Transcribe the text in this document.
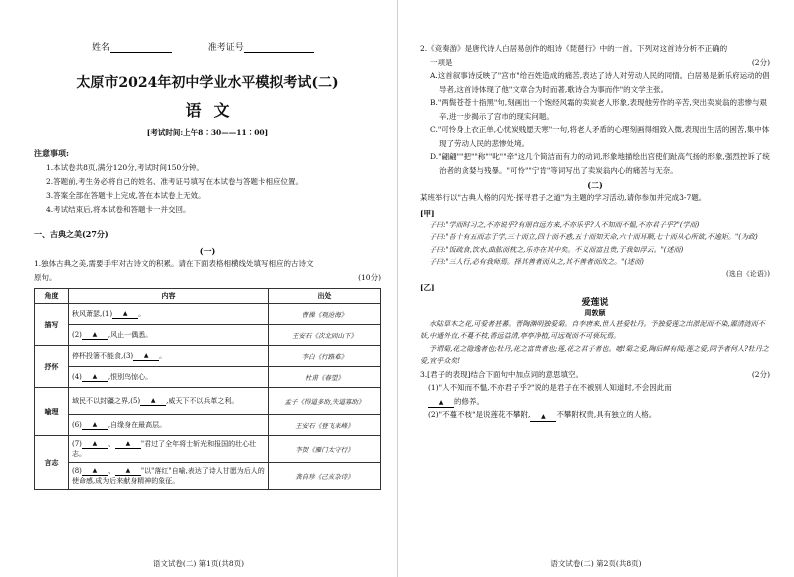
姓名	准考证号
太原市2024年初中学业水平模拟考试(二)
语文
[考试时间:上午8∶30——11∶00]
注意事项:
1.本试卷共8页,满分120分,考试时间150分钟。
2.答题前,考生务必将自己的姓名、准考证号填写在本试卷与答题卡相应位置。
3.答案全部在答题卡上完成,答在本试卷上无效。
4.考试结束后,将本试卷和答题卡一并交回。
一、古典之美(27分)
(一)
1.独体古典之美,需要手牢对古诗文的积累。请在下面表格相横线处填写相应的古诗文
原句。	(10分)
角度	内容	出处
描写	秋风萧瑟,(1) ▲ 。	曹操《观沧海》
	(2) ▲ ,风止一偶悉。	王安石《次北固山下》
抒怀	停杯投箸不能食,(3) ▲ 。	李白《行路难》
	(4) ▲ ,恨别鸟惊心。	杜甫《春望》
喻理	域民不以封疆之界,(5) ▲ ,威天下不以兵革之利。	孟子《得道多助,失道寡助》
	(6) ▲ ,自缘身在最高层。	王安石《登飞来峰》
言志	(7) ▲ 、 ▲ "君过了全年将士斩光和报国的壮心壮志。	李贺《雁门太守行》
	(8) ▲ 、 ▲ "以"落红"自喻,表达了诗人甘愿为后人的使命感,成为后来献身精神的象征。	龚自珍《己亥杂诗》
语文试卷(二) 第1页(共8页)
2.《竞奏游》是唐代诗人白居易创作的组诗《琵琶行》中的一首。下列对这首诗分析不正确的
一项是	(2分)
A.这首叙事诗反映了"宫市"给百姓造成的痛苦,表达了诗人对劳动人民的同情。白居易是新乐府运动的倡导者,这首诗体现了他"文章合为时而著,歌诗合为事而作"的文学主张。
B."两鬓苍苍十指黑"句,刻画出一个饱经风霜的卖炭老人形象,表现他劳作的辛苦,突出卖炭翁的悲惨与艰辛,进一步揭示了宫市的现实问题。
C."可怜身上衣正单,心忧炭贱愿天寒"一句,将老人矛盾的心理刻画得细致入微,表现出生活的困苦,集中体现了劳动人民的悲惨处境。
D."翩翩""把""称""叱""牵"这几个简洁而有力的动词,形象地描绘出宫使们趾高气扬的形象,强烈控诉了统治者的贪婪与残暴。"可怜""宁肯"等词写出了卖炭翁内心的痛苦与无奈。
(二)
某班举行以"古典人格的闪光·探寻君子之道"为主题的学习活动,请你参加并完成3-7题。
[甲]
子曰:"学而时习之,不亦说乎?有朋自远方来,不亦乐乎?人不知而不愠,不亦君子乎?"(学而)
子曰:"吾十有五而志于学,三十而立,四十而不惑,五十而知天命,六十而耳顺,七十而从心所欲,不逾矩。"(为政)
子曰:"饭疏食,饮水,曲肱而枕之,乐亦在其中矣。不义而富且贵,于我如浮云。"(述而)
子曰:"三人行,必有我师焉。择其善者而从之,其不善者而改之。"(述而)
(选自《论语》)
[乙]
爱莲说
周敦颐
水陆草木之花,可爱者甚蕃。晋陶渊明独爱菊。自李唐来,世人甚爱牡丹。予独爱莲之出淤泥而不染,濯清涟而不妖,中通外直,不蔓不枝,香远益清,亭亭净植,可远观而不可亵玩焉。
予谓菊,花之隐逸者也;牡丹,花之富贵者也;莲,花之君子者也。噫!菊之爱,陶后鲜有闻;莲之爱,同予者何人?牡丹之爱,宜乎众矣!
3.[君子的表现]结合下面句中加点词的意思填空。	(2分)
(1)"人不知而不愠,不亦君子乎?"说的是君子在不被别人知道时,不会因此而
▲ 的修养。
(2)"不蔓不枝"是说莲花不攀附, ▲ 不攀附权贵,具有独立的人格。
语文试卷(二) 第2页(共8页)
